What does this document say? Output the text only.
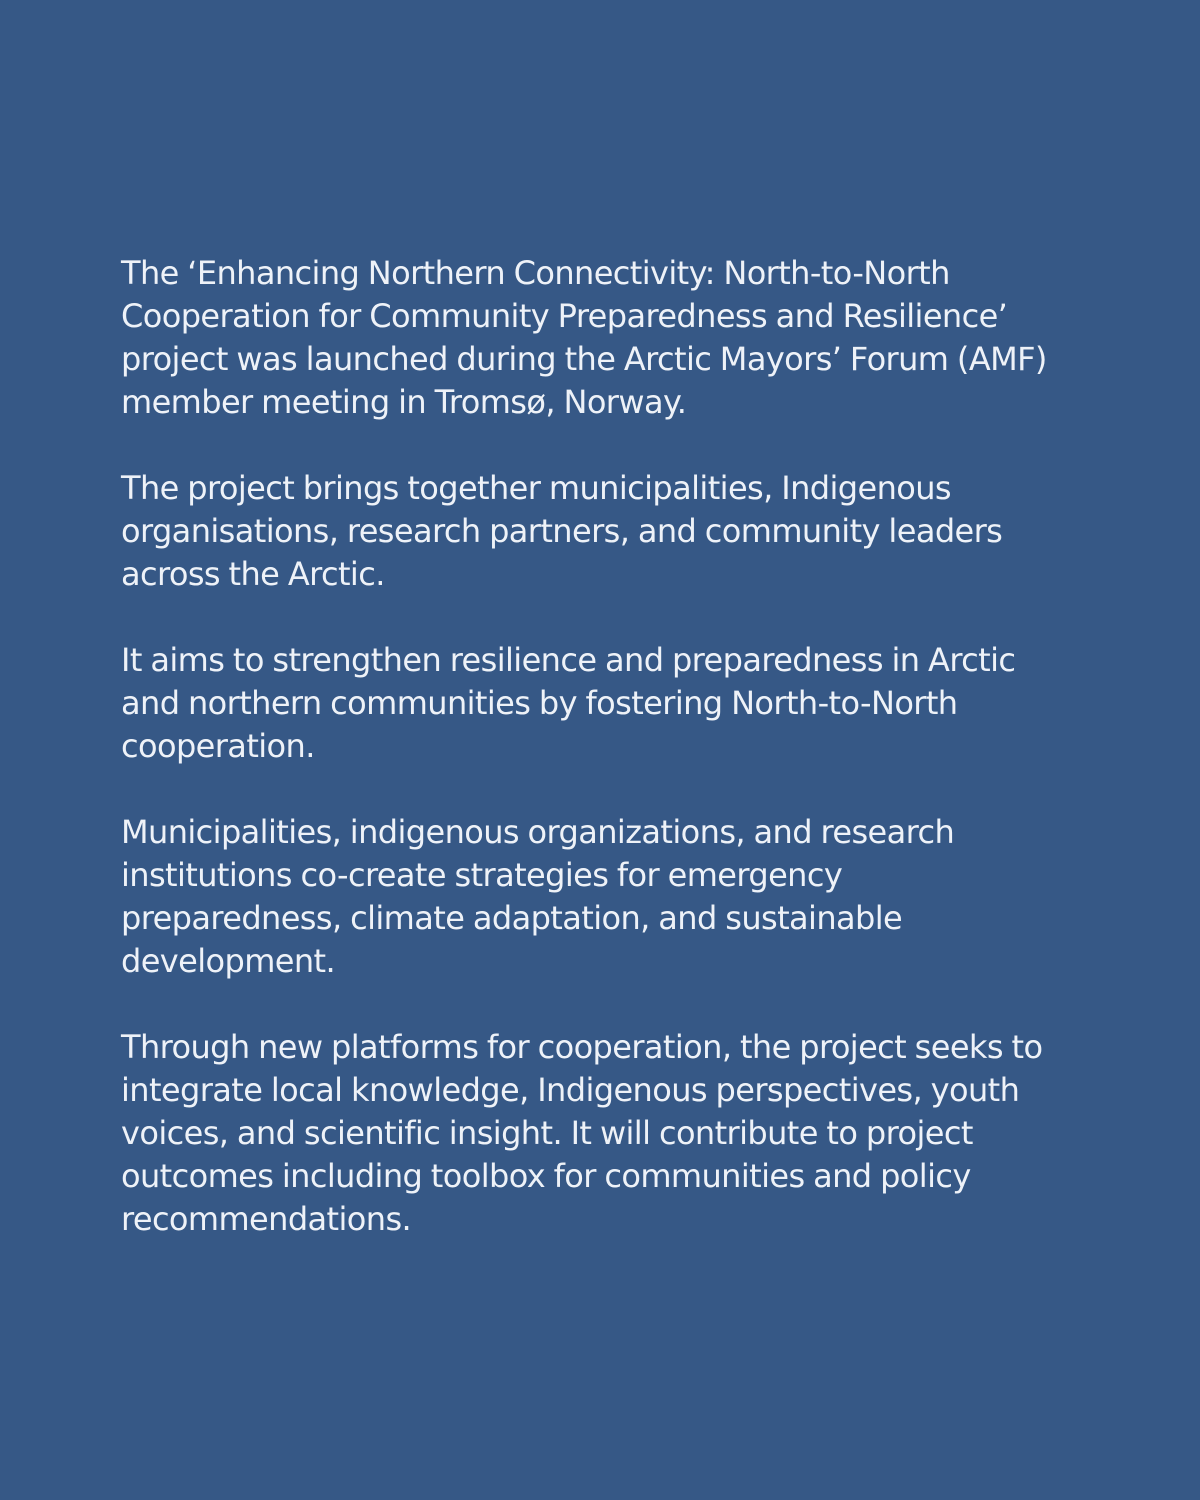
The ‘Enhancing Northern Connectivity: North-to-North Cooperation for Community Preparedness and Resilience’ project was launched during the Arctic Mayors’ Forum (AMF) member meeting in Tromsø, Norway.

The project brings together municipalities, Indigenous organisations, research partners, and community leaders across the Arctic.

It aims to strengthen resilience and preparedness in Arctic and northern communities by fostering North-to-North cooperation.

Municipalities, indigenous organizations, and research institutions co-create strategies for emergency preparedness, climate adaptation, and sustainable development.

Through new platforms for cooperation, the project seeks to integrate local knowledge, Indigenous perspectives, youth voices, and scientific insight. It will contribute to project outcomes including toolbox for communities and policy recommendations.
